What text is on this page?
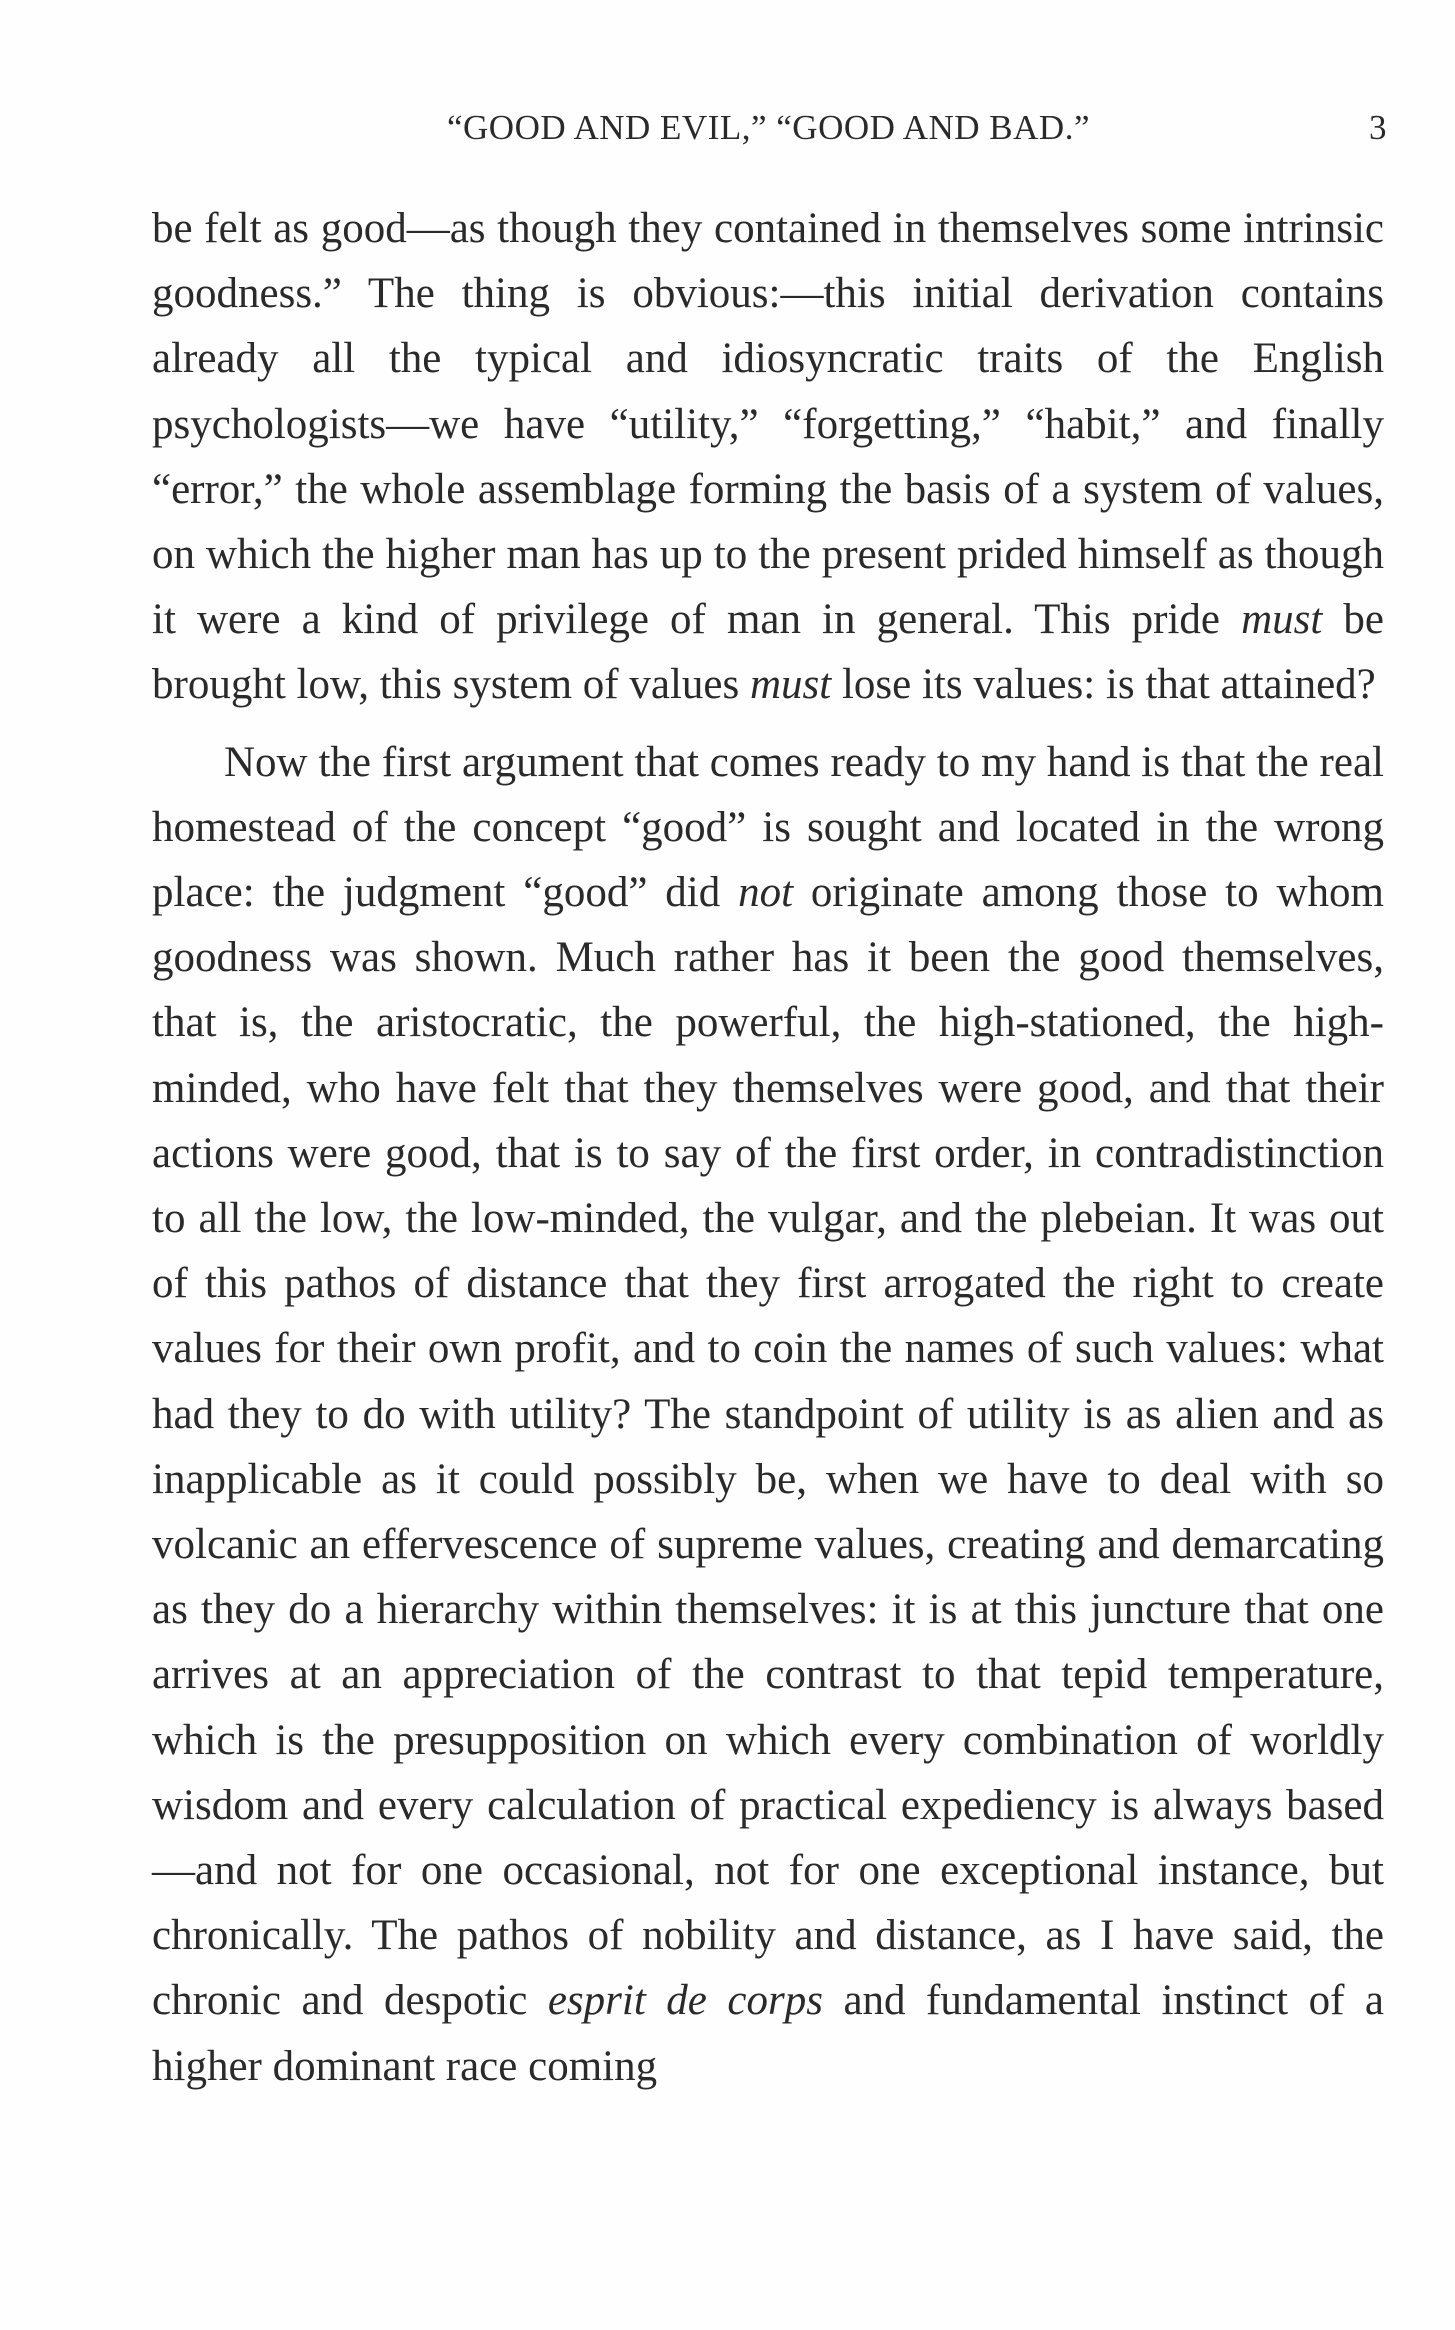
“GOOD AND EVIL,” “GOOD AND BAD.”	3

be felt as good—as though they contained in themselves some intrinsic goodness.” The thing is obvious:—this initial derivation contains already all the typical and idiosyncratic traits of the English psychologists—we have “utility,” “forgetting,” “habit,” and finally “error,” the whole assemblage forming the basis of a system of values, on which the higher man has up to the present prided himself as though it were a kind of privilege of man in general. This pride must be brought low, this system of values must lose its values: is that attained?

Now the first argument that comes ready to my hand is that the real homestead of the concept “good” is sought and located in the wrong place: the judgment “good” did not originate among those to whom goodness was shown. Much rather has it been the good themselves, that is, the aristocratic, the powerful, the high-stationed, the high-minded, who have felt that they themselves were good, and that their actions were good, that is to say of the first order, in contradistinction to all the low, the low-minded, the vulgar, and the plebeian. It was out of this pathos of distance that they first arrogated the right to create values for their own profit, and to coin the names of such values: what had they to do with utility? The standpoint of utility is as alien and as inapplicable as it could possibly be, when we have to deal with so volcanic an effervescence of supreme values, creating and demarcating as they do a hierarchy within themselves: it is at this juncture that one arrives at an appreciation of the contrast to that tepid temperature, which is the presupposition on which every combination of worldly wisdom and every calculation of practical expediency is always based—and not for one occasional, not for one exceptional instance, but chronically. The pathos of nobility and distance, as I have said, the chronic and despotic esprit de corps and fundamental instinct of a higher dominant race coming
